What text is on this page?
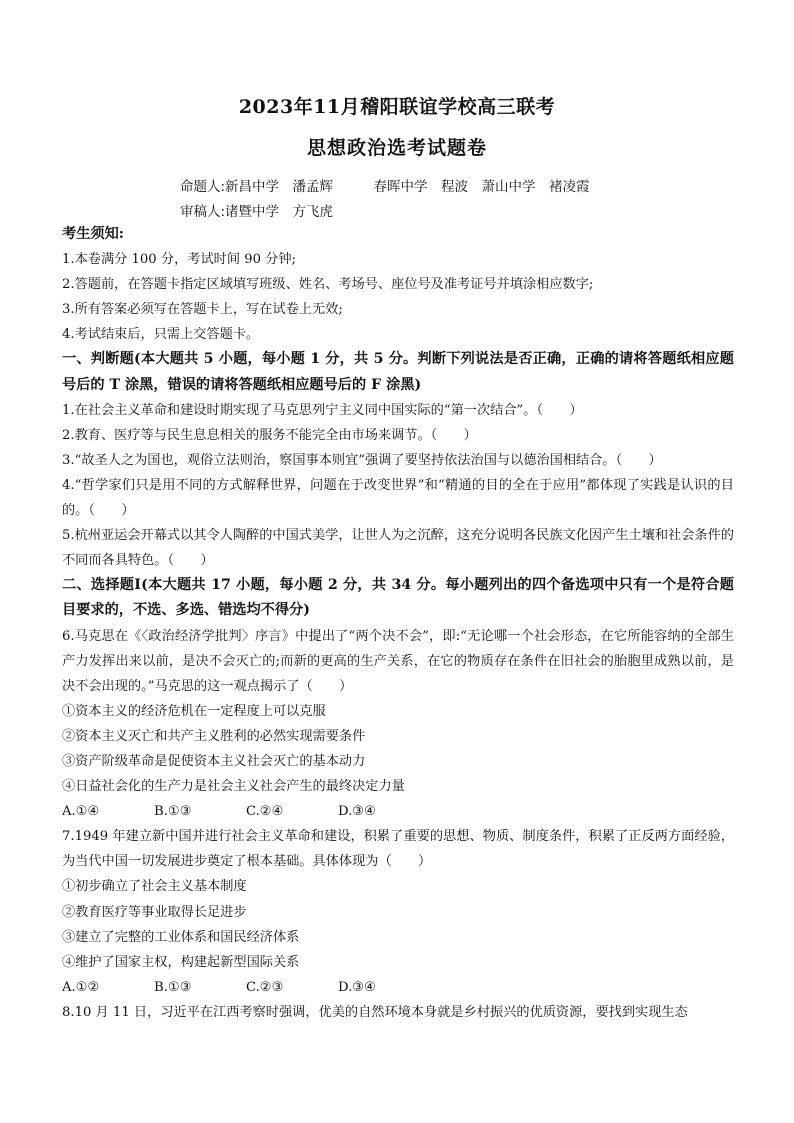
2023年11月稽阳联谊学校高三联考
思想政治选考试题卷
命题人:新昌中学　潘孟辉　　　春晖中学　程波　萧山中学　褚凌霞
审稿人:诸暨中学　方飞虎
考生须知:
1.本卷满分 100 分，考试时间 90 分钟;
2.答题前，在答题卡指定区域填写班级、姓名、考场号、座位号及准考证号并填涂相应数字;
3.所有答案必须写在答题卡上，写在试卷上无效;
4.考试结束后，只需上交答题卡。
一、判断题(本大题共 5 小题，每小题 1 分，共 5 分。判断下列说法是否正确，正确的请将答题纸相应题号后的 T 涂黑，错误的请将答题纸相应题号后的 F 涂黑)
1.在社会主义革命和建设时期实现了马克思列宁主义同中国实际的“第一次结合”。（　　）
2.教育、医疗等与民生息息相关的服务不能完全由市场来调节。（　　）
3.“故圣人之为国也，观俗立法则治，察国事本则宜”强调了要坚持依法治国与以德治国相结合。（　　）
4.“哲学家们只是用不同的方式解释世界，问题在于改变世界”和“精通的目的全在于应用”都体现了实践是认识的目的。（　　）
5.杭州亚运会开幕式以其令人陶醉的中国式美学，让世人为之沉醉，这充分说明各民族文化因产生土壤和社会条件的不同而各具特色。（　　）
二、选择题Ⅰ(本大题共 17 小题，每小题 2 分，共 34 分。每小题列出的四个备选项中只有一个是符合题目要求的，不选、多选、错选均不得分)
6.马克思在《〈政治经济学批判〉序言》中提出了“两个决不会”，即:“无论哪一个社会形态，在它所能容纳的全部生产力发挥出来以前，是决不会灭亡的;而新的更高的生产关系，在它的物质存在条件在旧社会的胎胞里成熟以前，是决不会出现的。”马克思的这一观点揭示了（　　）
①资本主义的经济危机在一定程度上可以克服
②资本主义灭亡和共产主义胜利的必然实现需要条件
③资产阶级革命是促使资本主义社会灭亡的基本动力
④日益社会化的生产力是社会主义社会产生的最终决定力量
A.①④	B.①③	C.②④	D.③④
7.1949 年建立新中国并进行社会主义革命和建设，积累了重要的思想、物质、制度条件，积累了正反两方面经验，为当代中国一切发展进步奠定了根本基础。具体体现为（　　）
①初步确立了社会主义基本制度
②教育医疗等事业取得长足进步
③建立了完整的工业体系和国民经济体系
④维护了国家主权，构建起新型国际关系
A.①②	B.①③	C.②③	D.③④
8.10 月 11 日，习近平在江西考察时强调，优美的自然环境本身就是乡村振兴的优质资源，要找到实现生态
